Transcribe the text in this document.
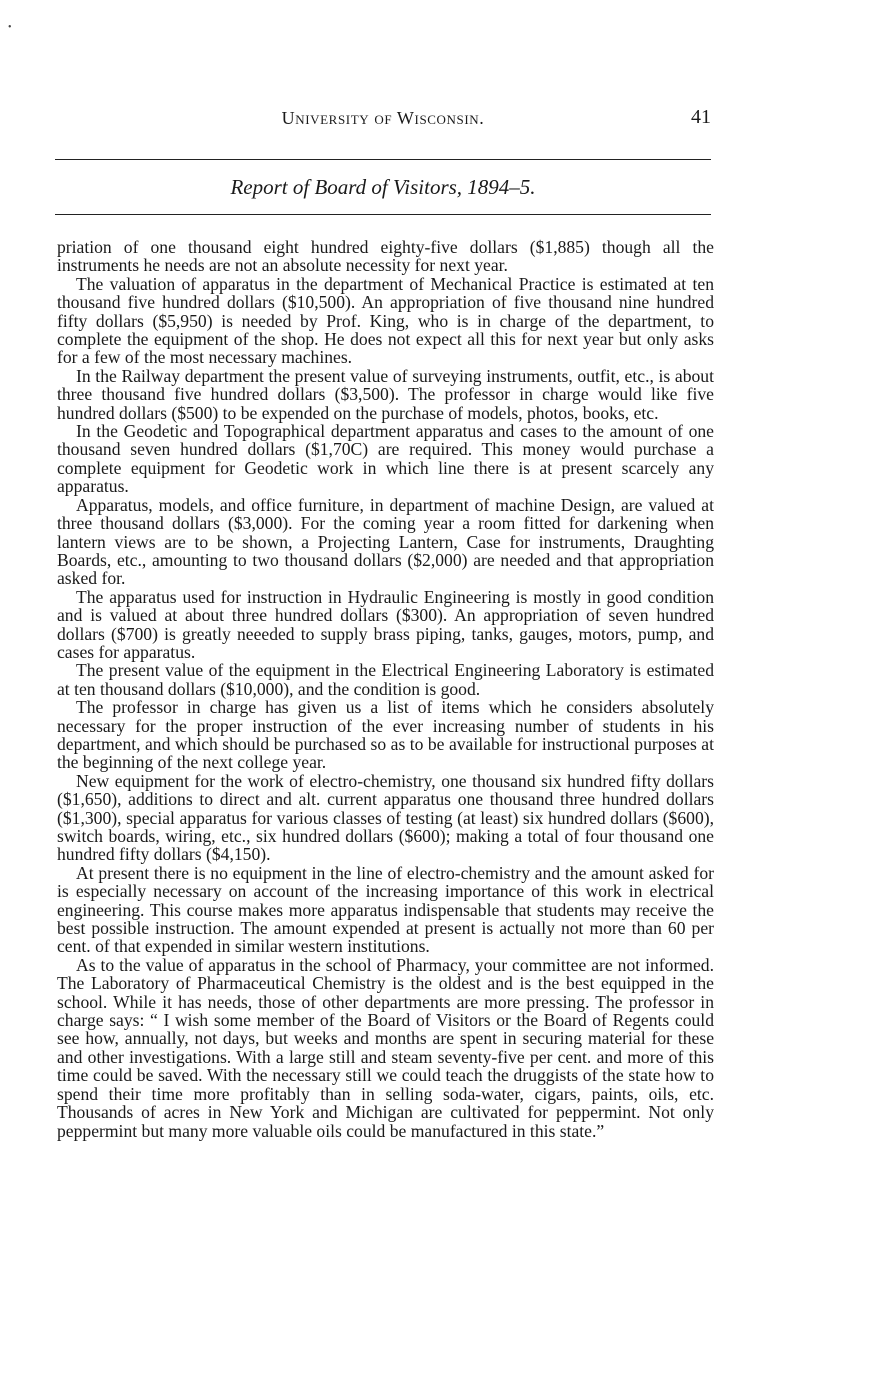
•
University of Wisconsin.	41
Report of Board of Visitors, 1894–5.

priation of one thousand eight hundred eighty-five dollars ($1,885) though all the instruments he needs are not an absolute necessity for next year.

The valuation of apparatus in the department of Mechanical Practice is estimated at ten thousand five hundred dollars ($10,500). An appropriation of five thousand nine hundred fifty dollars ($5,950) is needed by Prof. King, who is in charge of the department, to complete the equipment of the shop. He does not expect all this for next year but only asks for a few of the most necessary machines.

In the Railway department the present value of surveying instruments, outfit, etc., is about three thousand five hundred dollars ($3,500). The professor in charge would like five hundred dollars ($500) to be expended on the purchase of models, photos, books, etc.

In the Geodetic and Topographical department apparatus and cases to the amount of one thousand seven hundred dollars ($1,70C) are required. This money would purchase a complete equipment for Geodetic work in which line there is at present scarcely any apparatus.

Apparatus, models, and office furniture, in department of machine Design, are valued at three thousand dollars ($3,000). For the coming year a room fitted for darkening when lantern views are to be shown, a Projecting Lantern, Case for instruments, Draughting Boards, etc., amounting to two thousand dollars ($2,000) are needed and that appropriation asked for.

The apparatus used for instruction in Hydraulic Engineering is mostly in good condition and is valued at about three hundred dollars ($300). An appropriation of seven hundred dollars ($700) is greatly neeeded to supply brass piping, tanks, gauges, motors, pump, and cases for apparatus.

The present value of the equipment in the Electrical Engineering Laboratory is estimated at ten thousand dollars ($10,000), and the condition is good.

The professor in charge has given us a list of items which he considers absolutely necessary for the proper instruction of the ever increasing number of students in his department, and which should be purchased so as to be available for instructional purposes at the beginning of the next college year.

New equipment for the work of electro-chemistry, one thousand six hundred fifty dollars ($1,650), additions to direct and alt. current apparatus one thousand three hundred dollars ($1,300), special apparatus for various classes of testing (at least) six hundred dollars ($600), switch boards, wiring, etc., six hundred dollars ($600); making a total of four thousand one hundred fifty dollars ($4,150).

At present there is no equipment in the line of electro-chemistry and the amount asked for is especially necessary on account of the increasing importance of this work in electrical engineering. This course makes more apparatus indispensable that students may receive the best possible instruction. The amount expended at present is actually not more than 60 per cent. of that expended in similar western institutions.

As to the value of apparatus in the school of Pharmacy, your committee are not informed. The Laboratory of Pharmaceutical Chemistry is the oldest and is the best equipped in the school. While it has needs, those of other departments are more pressing. The professor in charge says: “ I wish some member of the Board of Visitors or the Board of Regents could see how, annually, not days, but weeks and months are spent in securing material for these and other investigations. With a large still and steam seventy-five per cent. and more of this time could be saved. With the necessary still we could teach the druggists of the state how to spend their time more profitably than in selling soda-water, cigars, paints, oils, etc. Thousands of acres in New York and Michigan are cultivated for peppermint. Not only peppermint but many more valuable oils could be manufactured in this state.”
